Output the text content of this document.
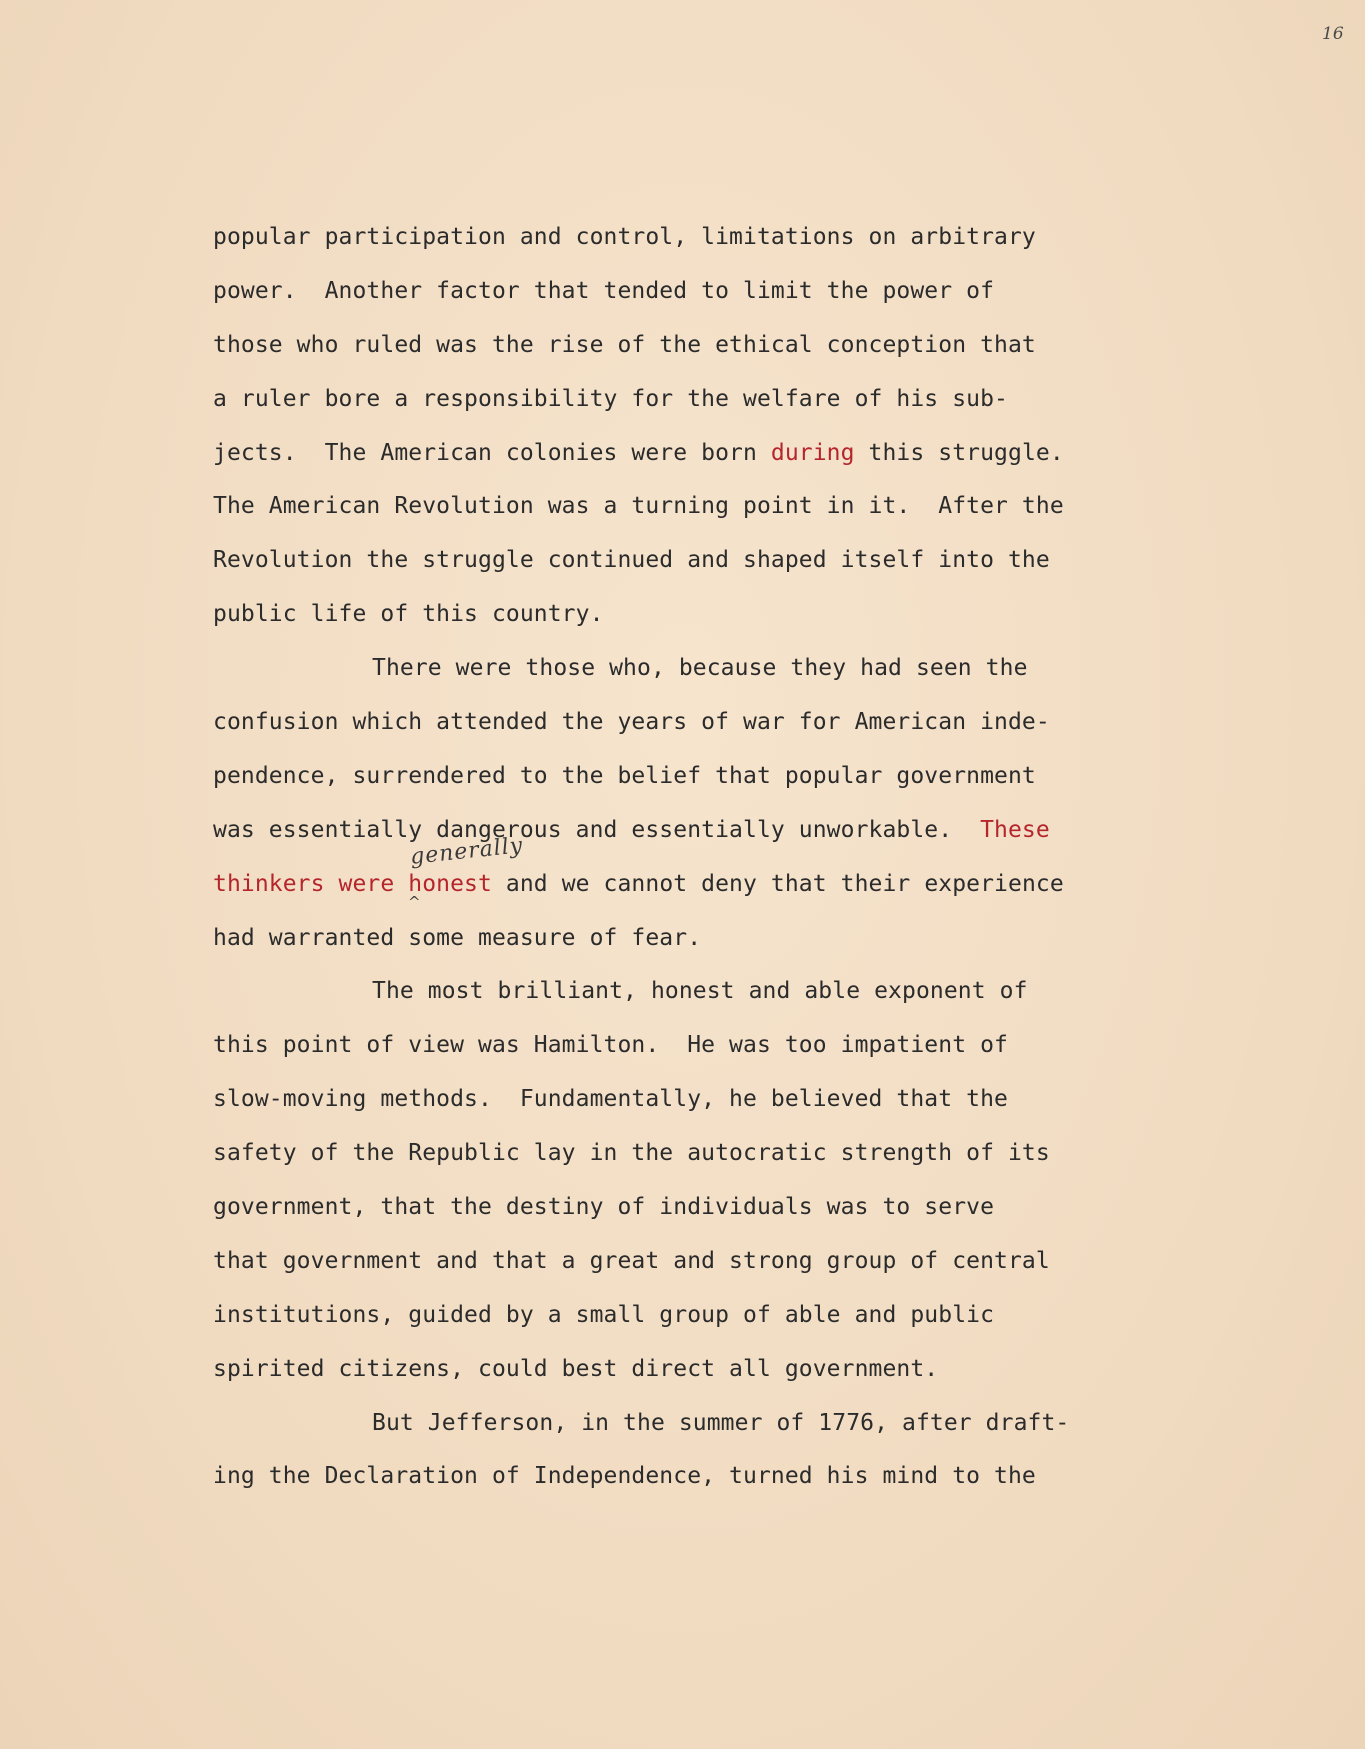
16
popular participation and control, limitations on arbitrary
power.  Another factor that tended to limit the power of
those who ruled was the rise of the ethical conception that
a ruler bore a responsibility for the welfare of his sub-
jects.  The American colonies were born during this struggle.
The American Revolution was a turning point in it.  After the
Revolution the struggle continued and shaped itself into the
public life of this country.
There were those who, because they had seen the
confusion which attended the years of war for American inde-
pendence, surrendered to the belief that popular government
was essentially dangerous and essentially unworkable.  These
thinkers were honest and we cannot deny that their experience
generally
^
had warranted some measure of fear.
The most brilliant, honest and able exponent of
this point of view was Hamilton.  He was too impatient of
slow-moving methods.  Fundamentally, he believed that the
safety of the Republic lay in the autocratic strength of its
government, that the destiny of individuals was to serve
that government and that a great and strong group of central
institutions, guided by a small group of able and public
spirited citizens, could best direct all government.
But Jefferson, in the summer of 1776, after draft-
ing the Declaration of Independence, turned his mind to the
